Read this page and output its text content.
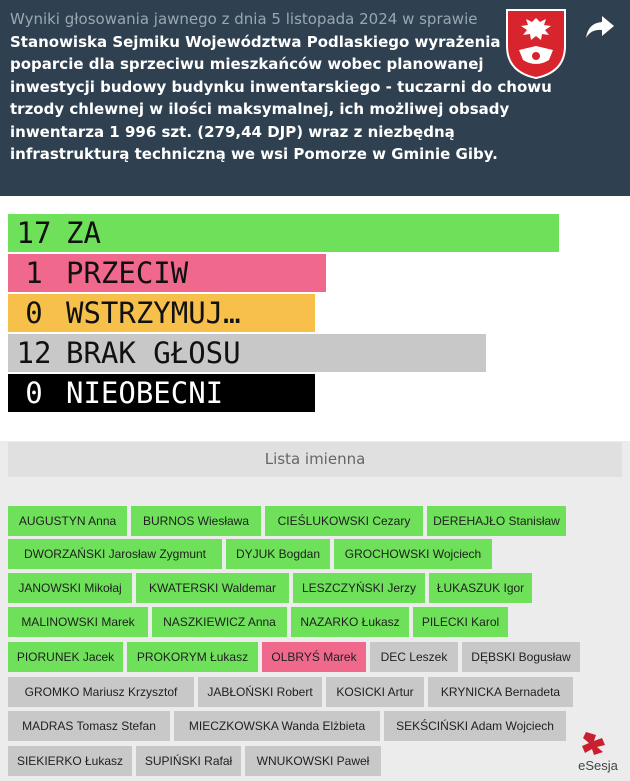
Wyniki głosowania jawnego z dnia 5 listopada 2024 w sprawie Stanowiska Sejmiku Województwa Podlaskiego wyrażenia poparcie dla sprzeciwu mieszkańców wobec planowanej inwestycji budowy budynku inwentarskiego - tuczarni do chowu trzody chlewnej w ilości maksymalnej, ich możliwej obsady inwentarza 1 996 szt. (279,44 DJP) wraz z niezbędną infrastrukturą techniczną we wsi Pomorze w Gminie Giby.
17 ZA
1 PRZECIW
0 WSTRZYMUJ…
12 BRAK GŁOSU
0 NIEOBECNI
Lista imienna
AUGUSTYN Anna	BURNOS Wiesława	CIEŚLUKOWSKI Cezary	DEREHAJŁO Stanisław
DWORZAŃSKI Jarosław Zygmunt	DYJUK Bogdan	GROCHOWSKI Wojciech
JANOWSKI Mikołaj	KWATERSKI Waldemar	LESZCZYŃSKI Jerzy	ŁUKASZUK Igor
MALINOWSKI Marek	NASZKIEWICZ Anna	NAZARKO Łukasz	PILECKI Karol
PIORUNEK Jacek	PROKORYM Łukasz	OLBRYŚ Marek	DEC Leszek	DĘBSKI Bogusław
GROMKO Mariusz Krzysztof	JABŁOŃSKI Robert	KOSICKI Artur	KRYNICKA Bernadeta
MADRAS Tomasz Stefan	MIECZKOWSKA Wanda Elżbieta	SEKŚCIŃSKI Adam Wojciech
SIEKIERKO Łukasz	SUPIŃSKI Rafał	WNUKOWSKI Paweł	eSesja
